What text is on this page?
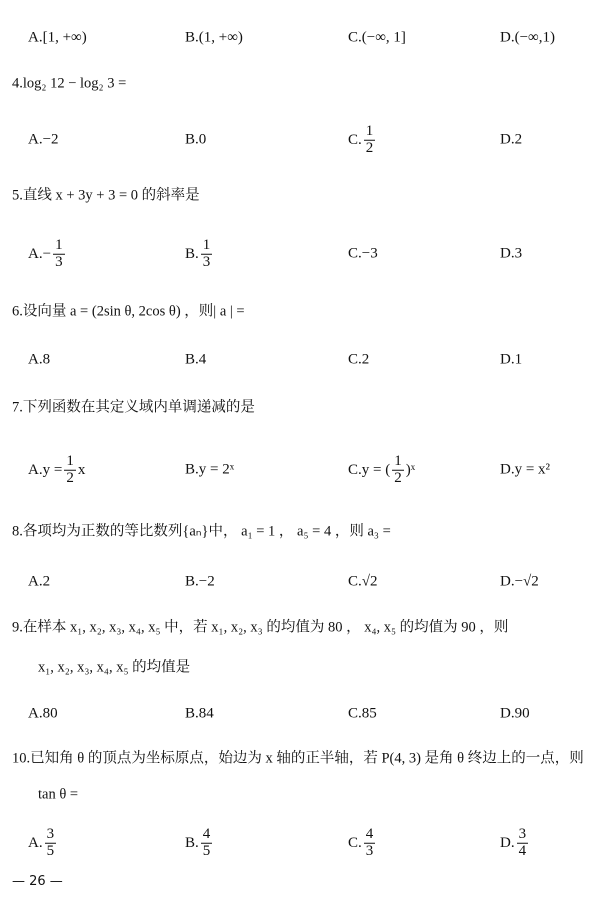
A. [1, +∞)	B. (1, +∞)	C. (−∞, 1]	D. (−∞,1)
4.log₂ 12 − log₂ 3 =
A. −2	B. 0	C. $\frac{1}{2}$	D. 2
5.直线 x + 3y + 3 = 0 的斜率是
A. − $\frac{1}{3}$	B. $\frac{1}{3}$	C. −3	D. 3
6.设向量 a = (2sin θ, 2cos θ) ，则| a | =
A. 8	B. 4	C. 2	D. 1
7.下列函数在其定义域内单调递减的是
A. $y = \frac{1}{2}$ x	B. y = 2ˣ	C. y = ( $\frac{1}{2}$ )ˣ	D. y = x²
8.各项均为正数的等比数列{aₙ}中， a₁ = 1 ， a₅ = 4 ，则 a₃ =
A. 2	B. −2	C. √2	D. −√2
9.在样本 x₁, x₂, x₃, x₄, x₅ 中，若 x₁, x₂, x₃ 的均值为 80 ， x₄, x₅ 的均值为 90 ，则
x₁, x₂, x₃, x₄, x₅ 的均值是
A. 80	B. 84	C. 85	D. 90
10.已知角 θ 的顶点为坐标原点，始边为 x 轴的正半轴，若 P(4, 3) 是角 θ 终边上的一点，则
tan θ =
A. $\frac{3}{5}$	B. $\frac{4}{5}$	C. $\frac{4}{3}$	D. $\frac{3}{4}$
— 26 —
